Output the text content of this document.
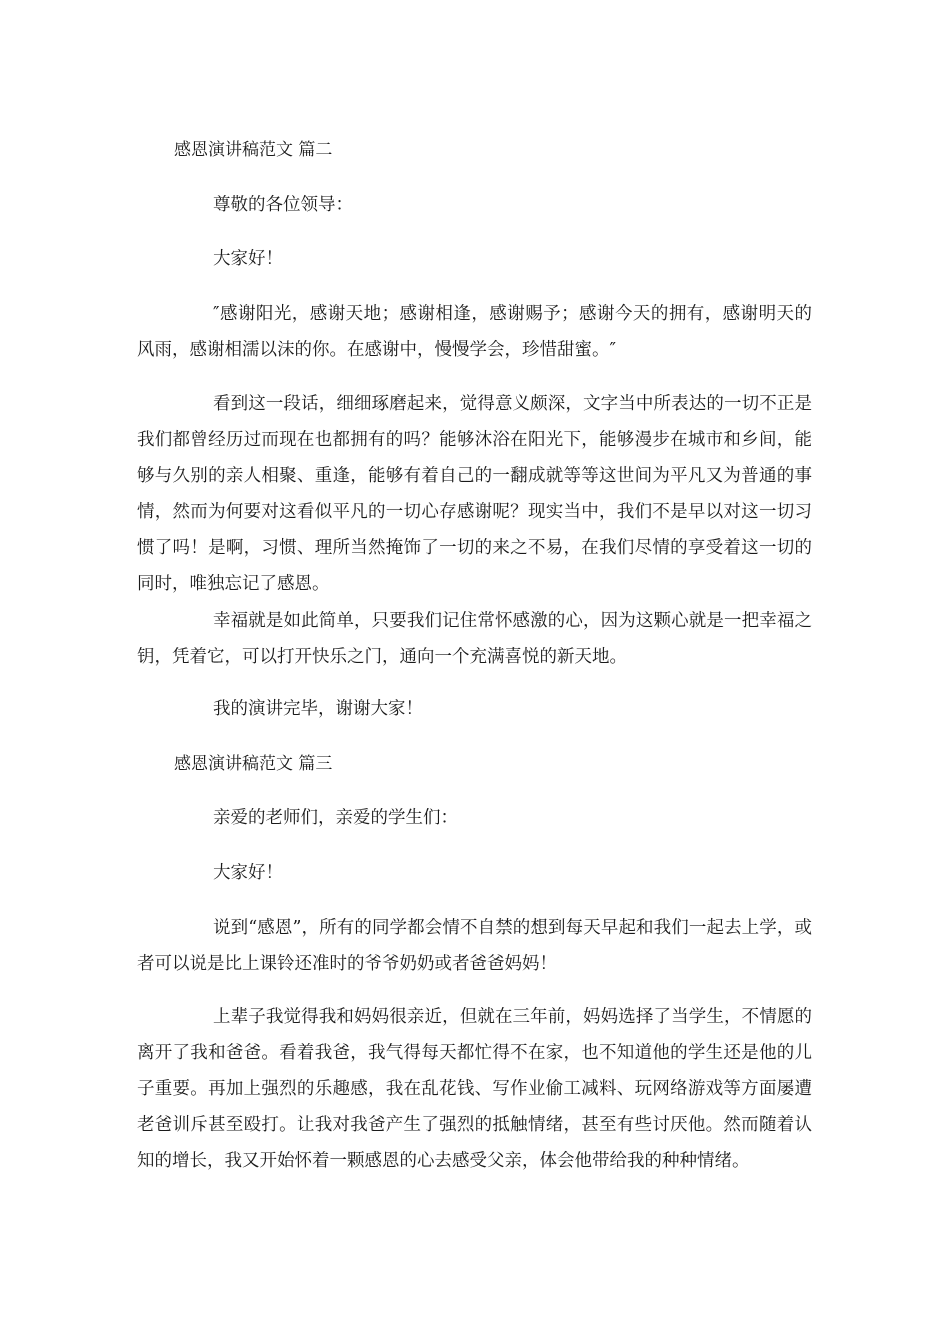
感恩演讲稿范文 篇二
尊敬的各位领导：
大家好！
″感谢阳光，感谢天地；感谢相逢，感谢赐予；感谢今天的拥有，感谢明天的风雨，感谢相濡以沫的你。在感谢中，慢慢学会，珍惜甜蜜。″
看到这一段话，细细琢磨起来，觉得意义颇深，文字当中所表达的一切不正是我们都曾经历过而现在也都拥有的吗？能够沐浴在阳光下，能够漫步在城市和乡间，能够与久别的亲人相聚、重逢，能够有着自己的一翻成就等等这世间为平凡又为普通的事情，然而为何要对这看似平凡的一切心存感谢呢？现实当中，我们不是早以对这一切习惯了吗！是啊，习惯、理所当然掩饰了一切的来之不易，在我们尽情的享受着这一切的同时，唯独忘记了感恩。
幸福就是如此简单，只要我们记住常怀感激的心，因为这颗心就是一把幸福之钥，凭着它，可以打开快乐之门，通向一个充满喜悦的新天地。
我的演讲完毕，谢谢大家！
感恩演讲稿范文 篇三
亲爱的老师们，亲爱的学生们：
大家好！
说到“感恩”，所有的同学都会情不自禁的想到每天早起和我们一起去上学，或者可以说是比上课铃还准时的爷爷奶奶或者爸爸妈妈！
上辈子我觉得我和妈妈很亲近，但就在三年前，妈妈选择了当学生，不情愿的离开了我和爸爸。看着我爸，我气得每天都忙得不在家，也不知道他的学生还是他的儿子重要。再加上强烈的乐趣感，我在乱花钱、写作业偷工减料、玩网络游戏等方面屡遭老爸训斥甚至殴打。让我对我爸产生了强烈的抵触情绪，甚至有些讨厌他。然而随着认知的增长，我又开始怀着一颗感恩的心去感受父亲，体会他带给我的种种情绪。
